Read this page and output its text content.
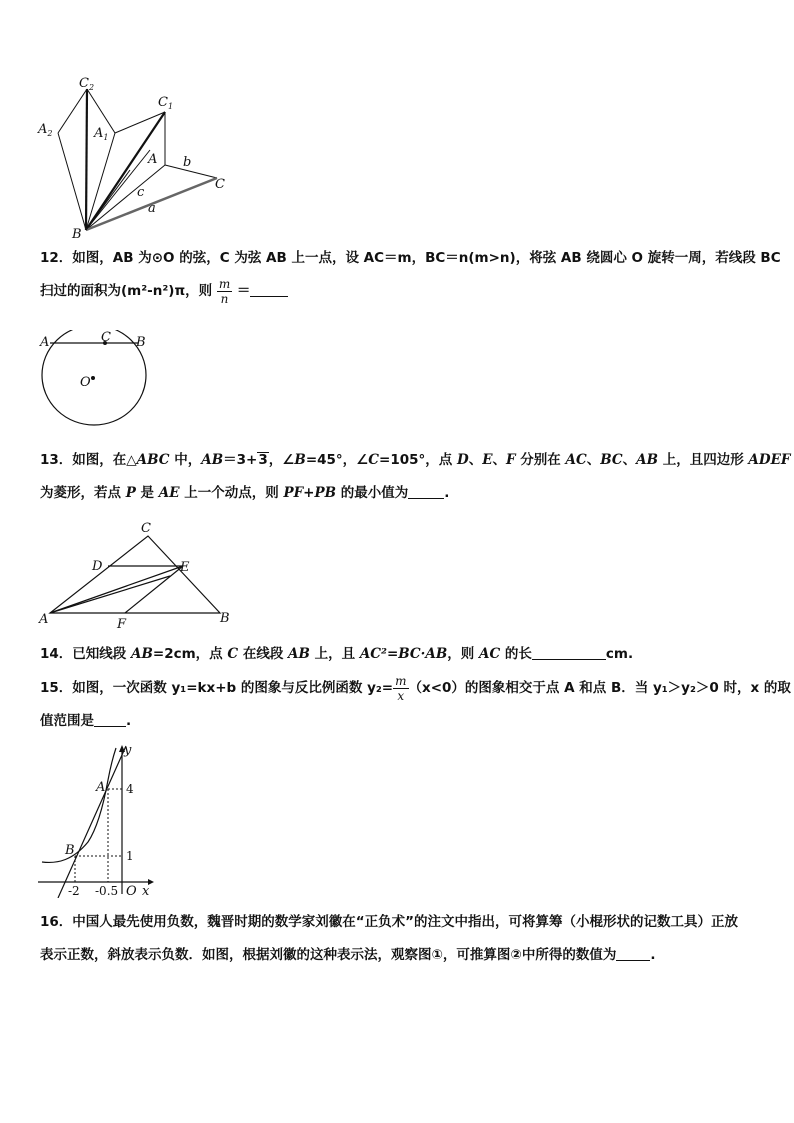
$C_2$
$C_1$
$A_2$	$A_1$
A b
C
c
a
B
12．如图，AB 为⊙O 的弦，C 为弦 AB 上一点，设 AC＝m，BC＝n(m>n)，将弦 AB 绕圆心 O 旋转一周，若线段 BC
扫过的面积为(m²-n²)π，则 $\frac{m}{n}$ ＝
A	C B
O
13．如图，在△ABC 中，AB＝3+3，∠B=45°，∠C=105°，点 D、E、F 分别在 AC、BC、AB 上，且四边形 ADEF
为菱形，若点 P 是 AE 上一个动点，则 PF+PB 的最小值为	.
C
D	E
A	F	B
14．已知线段 AB=2cm，点 C 在线段 AB 上，且 AC²=BC·AB，则 AC 的长	cm.
15．如图，一次函数 y₁=kx+b 的图象与反比例函数 $y_2= \frac{m}{x} (x<0)$的图象相交于点 A 和点 B．当 y₁＞y₂＞0 时，x 的取
值范围是 .
y
A 4
B	1
-2 -0.5 O x
16．中国人最先使用负数，魏晋时期的数学家刘徽在“正负术”的注文中指出，可将算筹（小棍形状的记数工具）正放
表示正数，斜放表示负数．如图，根据刘徽的这种表示法，观察图①，可推算图②中所得的数值为	.
